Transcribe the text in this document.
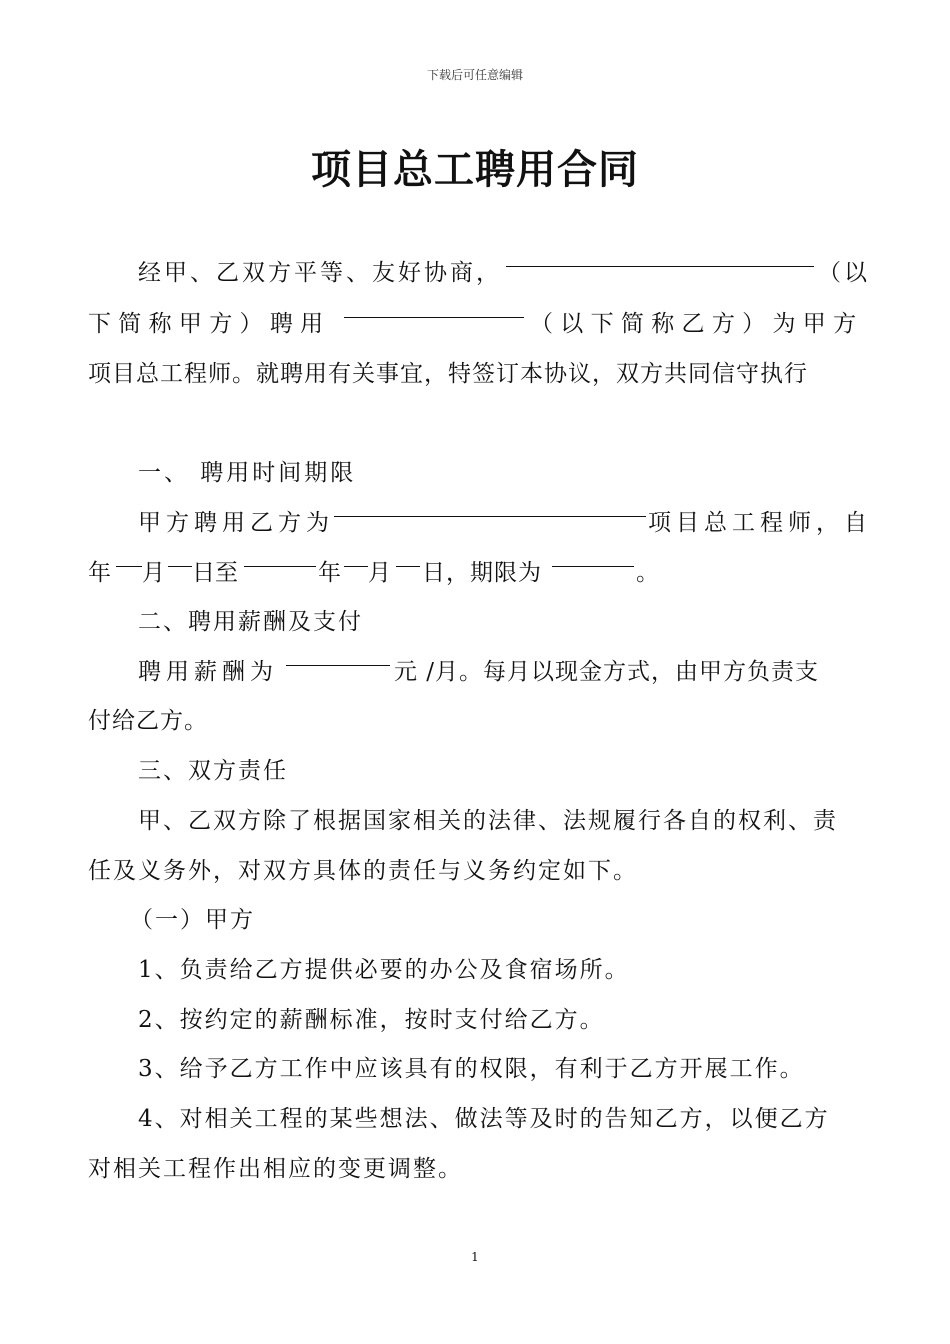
下载后可任意编辑
项目总工聘用合同
经甲、乙双方平等、友好协商，	（以
下 简 称 甲 方 ） 聘 用	（ 以 下 简 称 乙 方 ） 为 甲 方
项目总工程师。就聘用有关事宜，特签订本协议，双方共同信守执行
一、 聘用时间期限
甲方聘用乙方为	项目总工程师，自
年 月 日至	年 月 日，期限为	。
二、聘用薪酬及支付
聘用薪酬为	元 /月。每月以现金方式，由甲方负责支
付给乙方。
三、双方责任
甲、乙双方除了根据国家相关的法律、法规履行各自的权利、责
任及义务外，对双方具体的责任与义务约定如下。
（一）甲方
1、负责给乙方提供必要的办公及食宿场所。
2、按约定的薪酬标准，按时支付给乙方。
3、给予乙方工作中应该具有的权限，有利于乙方开展工作。
4、对相关工程的某些想法、做法等及时的告知乙方，以便乙方
对相关工程作出相应的变更调整。
1
